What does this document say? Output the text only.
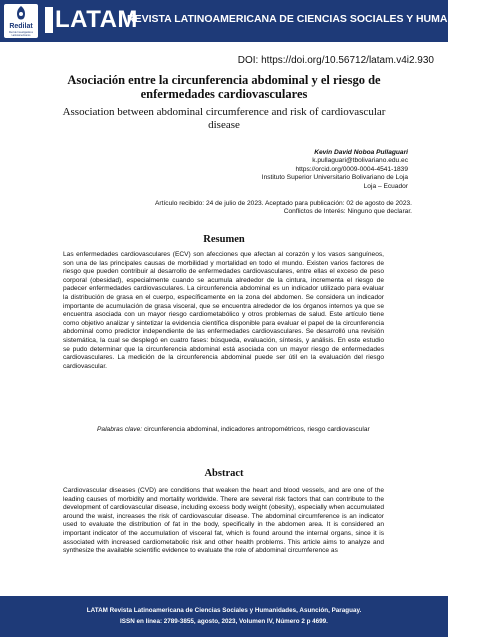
Redilat
Red de Investigadores Latinoamericanos
LATAM
REVISTA LATINOAMERICANA DE CIENCIAS SOCIALES Y HUMANIDADES
DOI: https://doi.org/10.56712/latam.v4i2.930
Asociación entre la circunferencia abdominal y el riesgo de enfermedades cardiovasculares
Association between abdominal circumference and risk of cardiovascular disease
Kevin David Noboa Pullaguari
k.pullaguari@tbolivariano.edu.ec
https://orcid.org/0009-0004-4541-1839
Instituto Superior Universitario Bolivariano de Loja
Loja – Ecuador
Artículo recibido: 24 de julio de 2023. Aceptado para publicación: 02 de agosto de 2023.
Conflictos de Interés: Ninguno que declarar.
Resumen
Las enfermedades cardiovasculares (ECV) son afecciones que afectan al corazón y los vasos sanguíneos, son una de las principales causas de morbilidad y mortalidad en todo el mundo. Existen varios factores de riesgo que pueden contribuir al desarrollo de enfermedades cardiovasculares, entre ellas el exceso de peso corporal (obesidad), especialmente cuando se acumula alrededor de la cintura, incrementa el riesgo de padecer enfermedades cardiovasculares. La circunferencia abdominal es un indicador utilizado para evaluar la distribución de grasa en el cuerpo, específicamente en la zona del abdomen. Se considera un indicador importante de acumulación de grasa visceral, que se encuentra alrededor de los órganos internos ya que se encuentra asociada con un mayor riesgo cardiometabólico y otros problemas de salud. Este artículo tiene como objetivo analizar y sintetizar la evidencia científica disponible para evaluar el papel de la circunferencia abdominal como predictor independiente de las enfermedades cardiovasculares. Se desarrolló una revisión sistemática, la cual se desplegó en cuatro fases: búsqueda, evaluación, síntesis, y análisis. En este estudio se pudo determinar que la circunferencia abdominal está asociada con un mayor riesgo de enfermedades cardiovasculares. La medición de la circunferencia abdominal puede ser útil en la evaluación del riesgo cardiovascular.
Palabras clave: circunferencia abdominal, indicadores antropométricos, riesgo cardiovascular
Abstract
Cardiovascular diseases (CVD) are conditions that weaken the heart and blood vessels, and are one of the leading causes of morbidity and mortality worldwide. There are several risk factors that can contribute to the development of cardiovascular disease, including excess body weight (obesity), especially when accumulated around the waist, increases the risk of cardiovascular disease. The abdominal circumference is an indicator used to evaluate the distribution of fat in the body, specifically in the abdomen area. It is considered an important indicator of the accumulation of visceral fat, which is found around the internal organs, since it is associated with increased cardiometabolic risk and other health problems. This article aims to analyze and synthesize the available scientific evidence to evaluate the role of abdominal circumference as
LATAM Revista Latinoamericana de Ciencias Sociales y Humanidades, Asunción, Paraguay.
ISSN en línea: 2789-3855, agosto, 2023, Volumen IV, Número 2 p 4699.
